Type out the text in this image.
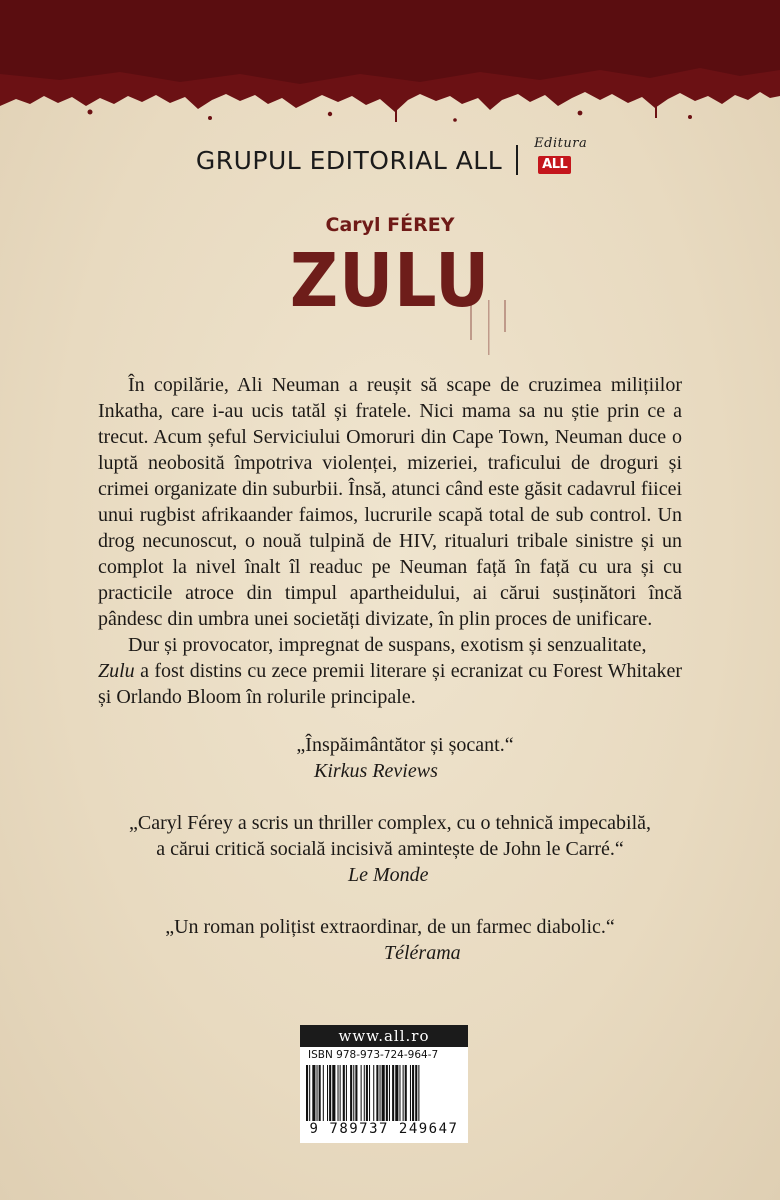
GRUPUL EDITORIAL ALL
Editura
ALL
Caryl FÉREY
ZULU

În copilărie, Ali Neuman a reușit să scape de cruzimea milițiilor Inkatha, care i-au ucis tatăl și fratele. Nici mama sa nu știe prin ce a trecut. Acum șeful Serviciului Omoruri din Cape Town, Neuman duce o luptă neobosită împotriva violenței, mizeriei, traficului de droguri și crimei organizate din suburbii. Însă, atunci când este găsit cadavrul fiicei unui rugbist afrikaander faimos, lucrurile scapă total de sub control. Un drog necunoscut, o nouă tulpină de HIV, ritualuri tribale sinistre și un complot la nivel înalt îl readuc pe Neuman față în față cu ura și cu practicile atroce din timpul apartheidului, ai cărui susținători încă pândesc din umbra unei societăți divizate, în plin proces de unificare.

Dur și provocator, impregnat de suspans, exotism și senzualitate,
Zulu a fost distins cu zece premii literare și ecranizat cu Forest Whitaker și Orlando Bloom în rolurile principale.

„Înspăimântător și șocant.“
Kirkus Reviews
„Caryl Férey a scris un thriller complex, cu o tehnică impecabilă,
a cărui critică socială incisivă amintește de John le Carré.“
Le Monde
„Un roman polițist extraordinar, de un farmec diabolic.“
Télérama
www.all.ro
ISBN 978-973-724-964-7
9 789737 249647
